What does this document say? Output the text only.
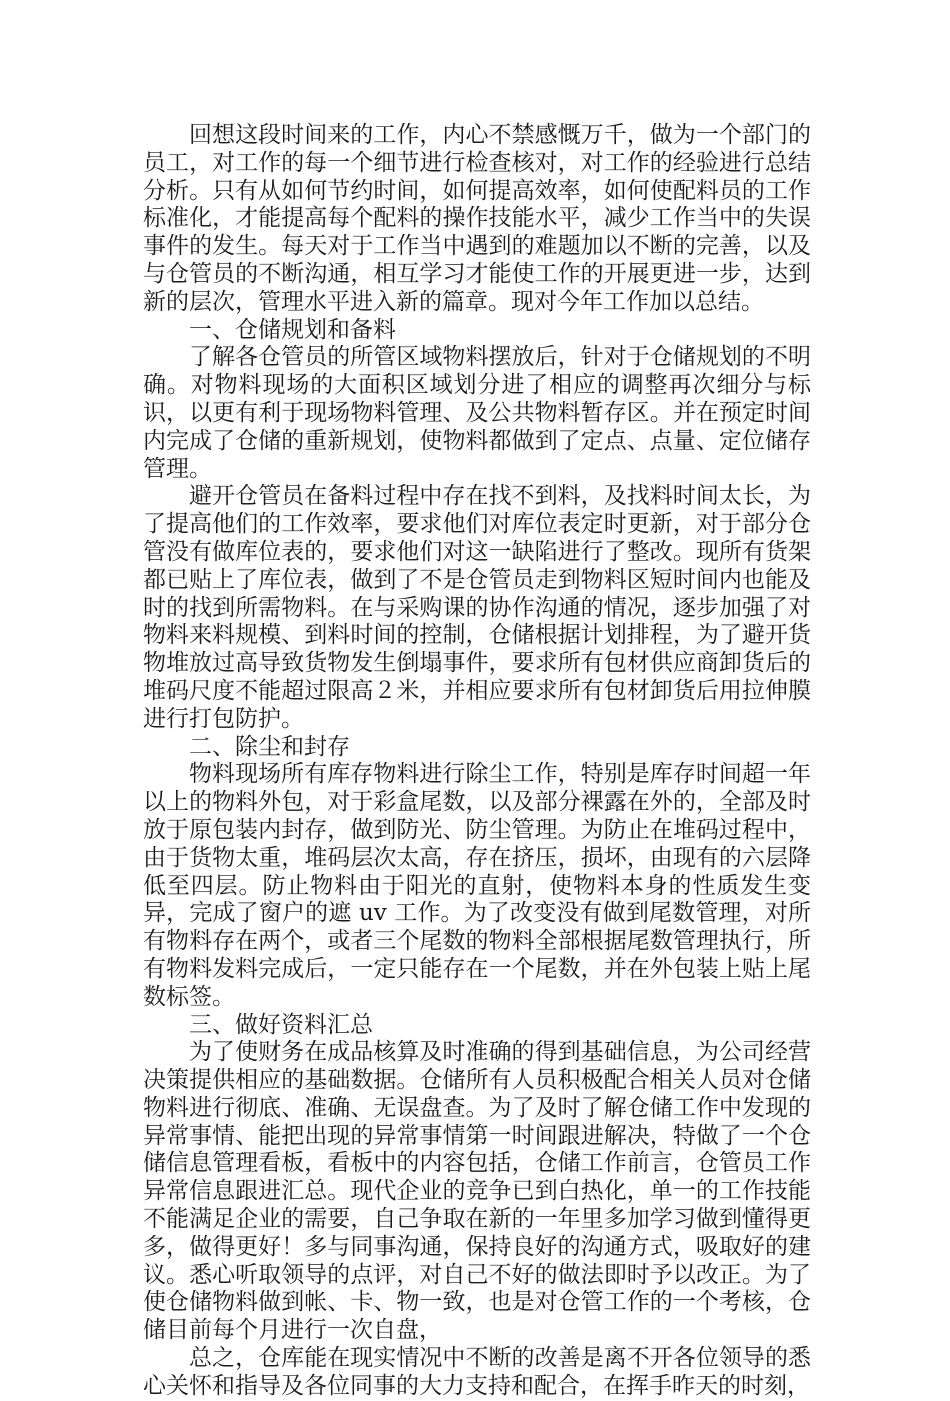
回想这段时间来的工作，内心不禁感慨万千，做为一个部门的员工，对工作的每一个细节进行检查核对，对工作的经验进行总结分析。只有从如何节约时间，如何提高效率，如何使配料员的工作标准化，才能提高每个配料的操作技能水平，减少工作当中的失误事件的发生。每天对于工作当中遇到的难题加以不断的完善，以及与仓管员的不断沟通，相互学习才能使工作的开展更进一步，达到新的层次，管理水平进入新的篇章。现对今年工作加以总结。

一、仓储规划和备料

了解各仓管员的所管区域物料摆放后，针对于仓储规划的不明确。对物料现场的大面积区域划分进了相应的调整再次细分与标识，以更有利于现场物料管理、及公共物料暂存区。并在预定时间内完成了仓储的重新规划，使物料都做到了定点、点量、定位储存管理。

避开仓管员在备料过程中存在找不到料，及找料时间太长，为了提高他们的工作效率，要求他们对库位表定时更新，对于部分仓管没有做库位表的，要求他们对这一缺陷进行了整改。现所有货架都已贴上了库位表，做到了不是仓管员走到物料区短时间内也能及时的找到所需物料。在与采购课的协作沟通的情况，逐步加强了对物料来料规模、到料时间的控制，仓储根据计划排程，为了避开货物堆放过高导致货物发生倒塌事件，要求所有包材供应商卸货后的堆码尺度不能超过限高２米，并相应要求所有包材卸货后用拉伸膜进行打包防护。

二、除尘和封存

物料现场所有库存物料进行除尘工作，特别是库存时间超一年以上的物料外包，对于彩盒尾数，以及部分裸露在外的，全部及时放于原包装内封存，做到防光、防尘管理。为防止在堆码过程中，由于货物太重，堆码层次太高，存在挤压，损坏，由现有的六层降低至四层。防止物料由于阳光的直射，使物料本身的性质发生变异，完成了窗户的遮 uv 工作。为了改变没有做到尾数管理，对所有物料存在两个，或者三个尾数的物料全部根据尾数管理执行，所有物料发料完成后，一定只能存在一个尾数，并在外包装上贴上尾数标签。

三、做好资料汇总

为了使财务在成品核算及时准确的得到基础信息，为公司经营决策提供相应的基础数据。仓储所有人员积极配合相关人员对仓储物料进行彻底、准确、无误盘查。为了及时了解仓储工作中发现的异常事情、能把出现的异常事情第一时间跟进解决，特做了一个仓储信息管理看板，看板中的内容包括，仓储工作前言，仓管员工作异常信息跟进汇总。现代企业的竞争已到白热化，单一的工作技能不能满足企业的需要，自己争取在新的一年里多加学习做到懂得更多，做得更好！多与同事沟通，保持良好的沟通方式，吸取好的建议。悉心听取领导的点评，对自己不好的做法即时予以改正。为了使仓储物料做到帐、卡、物一致，也是对仓管工作的一个考核，仓储目前每个月进行一次自盘，

总之，仓库能在现实情况中不断的改善是离不开各位领导的悉心关怀和指导及各位同事的大力支持和配合，在挥手昨天的时刻，
